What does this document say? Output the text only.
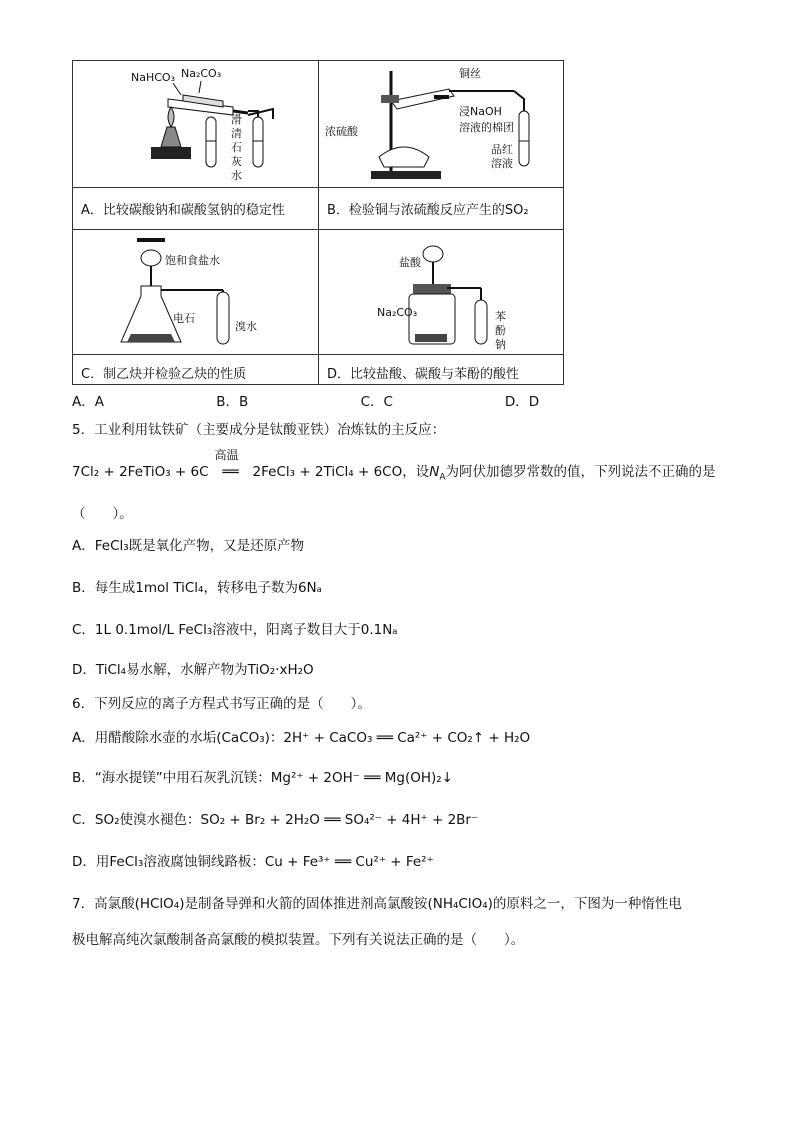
NaHCO₃ Na₂CO₃
滑
清
石
灰
水
A．比较碳酸钠和碳酸氢钠的稳定性
铜丝
浸NaOH
溶液的棉团
浓硫酸
品红
溶液
B．检验铜与浓硫酸反应产生的SO₂
饱和食盐水
电石
溴水
C．制乙炔并检验乙炔的性质
盐酸
Na₂CO₃	苯
酚
钠
D．比较盐酸、碳酸与苯酚的酸性
A．A	B．B	C．C	D．D
5．工业利用钛铁矿（主要成分是钛酸亚铁）冶炼钛的主反应：
7Cl₂ + 2FeTiO₃ + 6C
高温
══ 2FeCl₃ + 2TiCl₄ + 6CO，设$N_A$为阿伏加德罗常数的值，下列说法不正确的是
（　　）。
A．FeCl₃既是氧化产物，又是还原产物
B．每生成1mol TiCl₄，转移电子数为6Nₐ
C．1L 0.1mol/L FeCl₃溶液中，阳离子数目大于0.1Nₐ
D．TiCl₄易水解，水解产物为TiO₂·xH₂O
6．下列反应的离子方程式书写正确的是（　　）。
A．用醋酸除水壶的水垢(CaCO₃)：2H⁺ + CaCO₃ ══ Ca²⁺ + CO₂↑ + H₂O
B．“海水提镁”中用石灰乳沉镁：Mg²⁺ + 2OH⁻ ══ Mg(OH)₂↓
C．SO₂使溴水褪色：SO₂ + Br₂ + 2H₂O ══ SO₄²⁻ + 4H⁺ + 2Br⁻
D．用FeCl₃溶液腐蚀铜线路板：Cu + Fe³⁺ ══ Cu²⁺ + Fe²⁺
7．高氯酸(HClO₄)是制备导弹和火箭的固体推进剂高氯酸铵(NH₄ClO₄)的原料之一，下图为一种惰性电
极电解高纯次氯酸制备高氯酸的模拟装置。下列有关说法正确的是（　　）。
